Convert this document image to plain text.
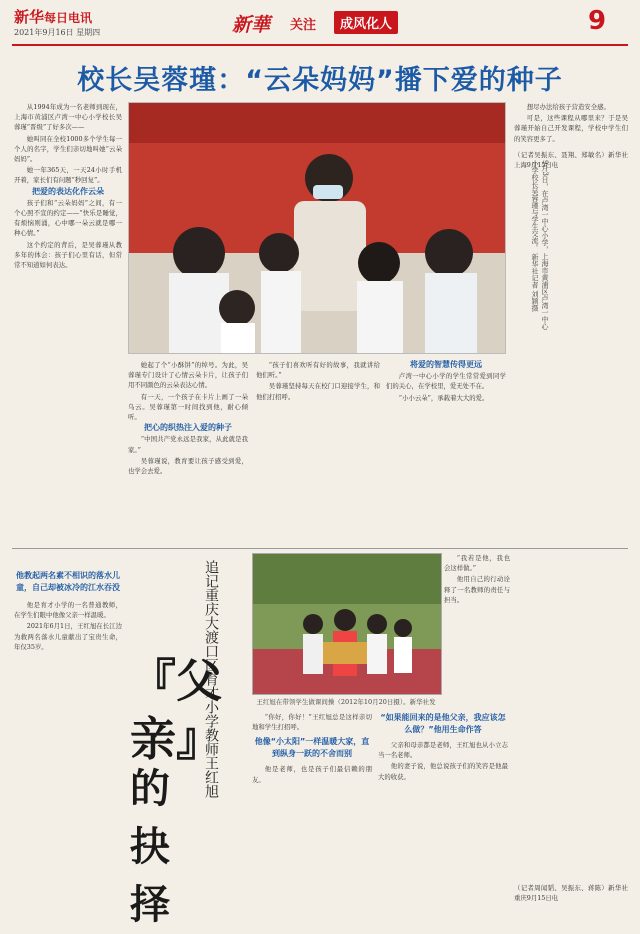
新华每日电讯
2021年9月16日 星期四	新華 关注	成风化人	9
校长吴蓉瑾：“云朵妈妈”播下爱的种子
9月3日，在卢湾一中心小学，上海市黄浦区卢湾一中心小学校长吴蓉瑾与学生交流。 新华社记者 刘颖摄

从1994年成为一名老师到现在，上海市黄浦区卢湾一中心小学校长吴蓉瑾“晋级”了好多次——

她叫同在全校1000多个学生每一个人的名字，学生们亲切地叫她“云朵妈妈”。

她一年365天，一天24小时手机开着，家长们有问题“秒回复”。

把爱的表达化作云朵

孩子们和“云朵妈妈”之间，有一个心照不宣的约定——“快乐是睡觉，有烦恼则涌，心中哪一朵云就是哪一种心情。”

这个约定的背后，是吴蓉瑾从教多年的体会：孩子们心里有话，但常常不知道如何表达。

他教起两名素不相识的落水儿童，自己却被冰冷的江水吞没

她起了个“小酥饼”的绰号。为此，吴蓉瑾专门设计了心情云朵卡片，让孩子们用不同颜色的云朵表达心情。

有一天，一个孩子在卡片上画了一朵乌云。吴蓉瑾第一时间找到他，耐心倾听。

把心的织热注入爱的种子

“中国共产党永远是我家，从此就是我家。”

吴蓉瑾说，教育要让孩子感受到爱，也学会去爱。

“孩子们喜欢听有好的故事，我就讲给他们听。”

吴蓉瑾坚持每天在校门口迎接学生，和他们打招呼。

将爱的智慧传得更远

卢湾一中心小学的学生常常爱到同学们的关心，在学校里，爱无处不在。

“小小云朵”，承载着大大的爱。

想尽办法给孩子营造安全感。

可是，这些课程从哪里来？于是吴蓉瑾开始自己开发课程，学校中学生们的笑容更多了。

（记者吴振东、聂翔、郑敏名）新华社上海9月15日电

『父亲』
的抉择
追记重庆大渡口区育才小学教师王红旭	王红旭在带领学生做课间操（2012年10月20日摄）。新华社发

他是育才小学的一名普通教师，在学生们眼中他像父亲一样温暖。

2021年6月1日，王红旭在长江边为救两名落水儿童献出了宝贵生命，年仅35岁。

“你好，你好！”王红旭总是这样亲切地和学生打招呼。

他像“小太阳”一样温暖大家，直到纵身一跃的不舍而别

他是老师，也是孩子们最信赖的朋友。

“我若是他，我也会这样做。”

他用自己的行动诠释了一名教师的责任与担当。

“如果能回来的是他父亲，我应该怎么做？”他用生命作答

父亲和母亲都是老师，王红旭也从小立志当一名老师。

他的妻子说，他总说孩子们的笑容是他最大的收获。

（记者周闻韬、吴振东、蒋陈）新华社重庆9月15日电
